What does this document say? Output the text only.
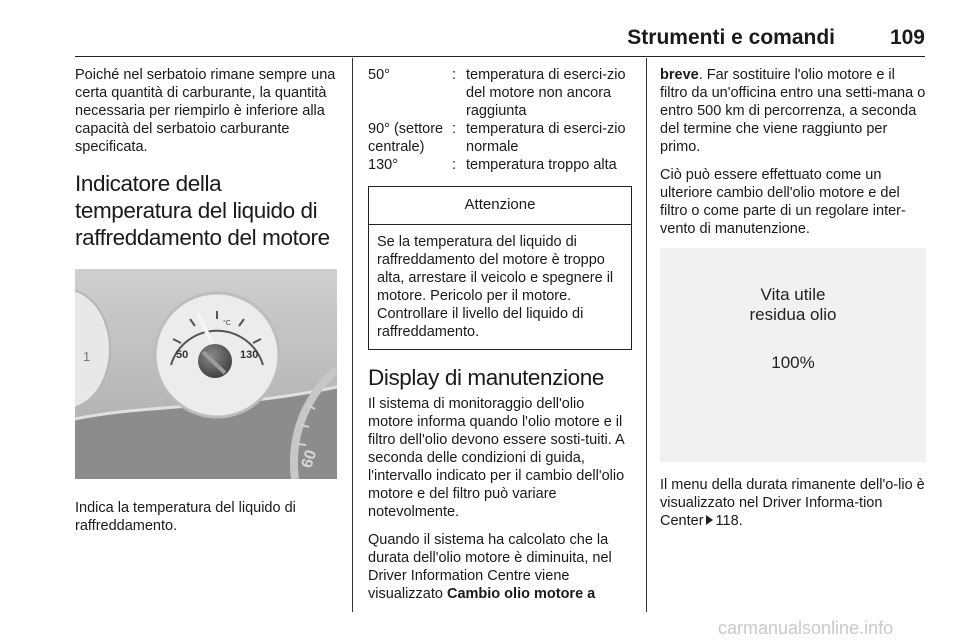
Strumenti e comandi	109

Poiché nel serbatoio rimane sempre una certa quantità di carburante, la quantità necessaria per riempirlo è inferiore alla capacità del serbatoio carburante specificata.

Indicatore della temperatura del liquido di raffreddamento del motore
1	50	130
°C
60

Indica la temperatura del liquido di raffreddamento.

50°	:	temperatura di eserci-zio del motore non ancora raggiunta
90° (settore centrale)	:	temperatura di eserci-zio normale
130°	:	temperatura troppo alta
Attenzione
Se la temperatura del liquido di raffreddamento del motore è troppo alta, arrestare il veicolo e spegnere il motore. Pericolo per il motore. Controllare il livello del liquido di raffreddamento.
Display di manutenzione

Il sistema di monitoraggio dell'olio motore informa quando l'olio motore e il filtro dell'olio devono essere sosti-tuiti. A seconda delle condizioni di guida, l'intervallo indicato per il cambio dell'olio motore e del filtro può variare notevolmente.

Quando il sistema ha calcolato che la durata dell'olio motore è diminuita, nel Driver Information Centre viene visualizzato Cambio olio motore a

breve. Far sostituire l'olio motore e il filtro da un'officina entro una setti-mana o entro 500 km di percorrenza, a seconda del termine che viene raggiunto per primo.

Ciò può essere effettuato come un ulteriore cambio dell'olio motore e del filtro o come parte di un regolare inter-vento di manutenzione.

Vita utile
residua olio
100%

Il menu della durata rimanente dell'o-lio è visualizzato nel Driver Informa-tion Center 118.

carmanualsonline.info
